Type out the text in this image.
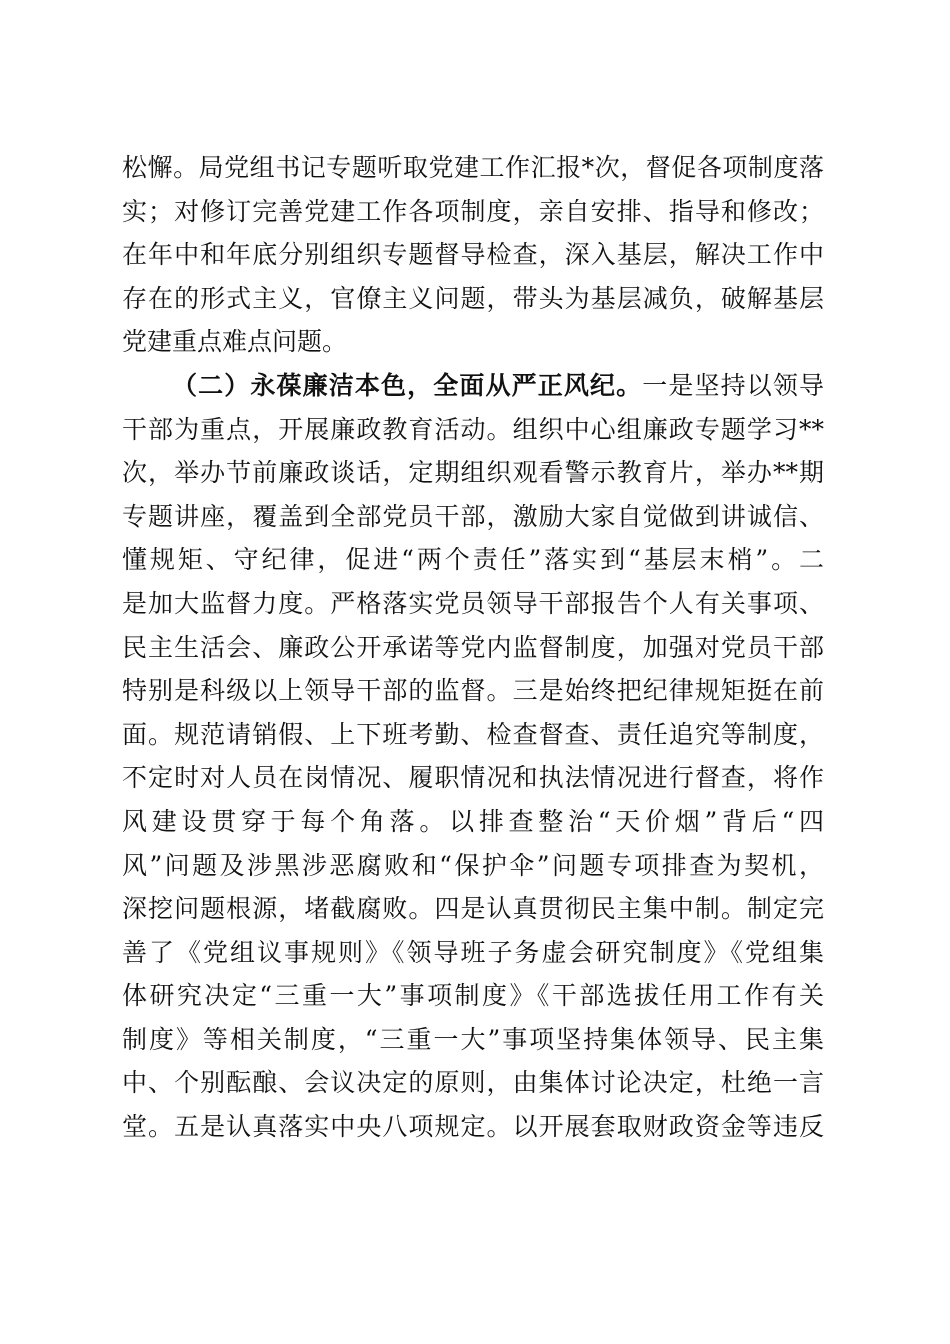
松懈。局党组书记专题听取党建工作汇报*次，督促各项制度落
实；对修订完善党建工作各项制度，亲自安排、指导和修改；
在年中和年底分别组织专题督导检查，深入基层，解决工作中
存在的形式主义，官僚主义问题，带头为基层减负，破解基层
党建重点难点问题。
（二）永葆廉洁本色，全面从严正风纪。一是坚持以领导
干部为重点，开展廉政教育活动。组织中心组廉政专题学习**
次，举办节前廉政谈话，定期组织观看警示教育片，举办**期
专题讲座，覆盖到全部党员干部，激励大家自觉做到讲诚信、
懂规矩、守纪律，促进“两个责任”落实到“基层末梢”。二
是加大监督力度。严格落实党员领导干部报告个人有关事项、
民主生活会、廉政公开承诺等党内监督制度，加强对党员干部
特别是科级以上领导干部的监督。三是始终把纪律规矩挺在前
面。规范请销假、上下班考勤、检查督查、责任追究等制度，
不定时对人员在岗情况、履职情况和执法情况进行督查，将作
风建设贯穿于每个角落。以排查整治“天价烟”背后“四
风”问题及涉黑涉恶腐败和“保护伞”问题专项排查为契机，
深挖问题根源，堵截腐败。四是认真贯彻民主集中制。制定完
善了《党组议事规则》《领导班子务虚会研究制度》《党组集
体研究决定“三重一大”事项制度》《干部选拔任用工作有关
制度》等相关制度，“三重一大”事项坚持集体领导、民主集
中、个别酝酿、会议决定的原则，由集体讨论决定，杜绝一言
堂。五是认真落实中央八项规定。以开展套取财政资金等违反
